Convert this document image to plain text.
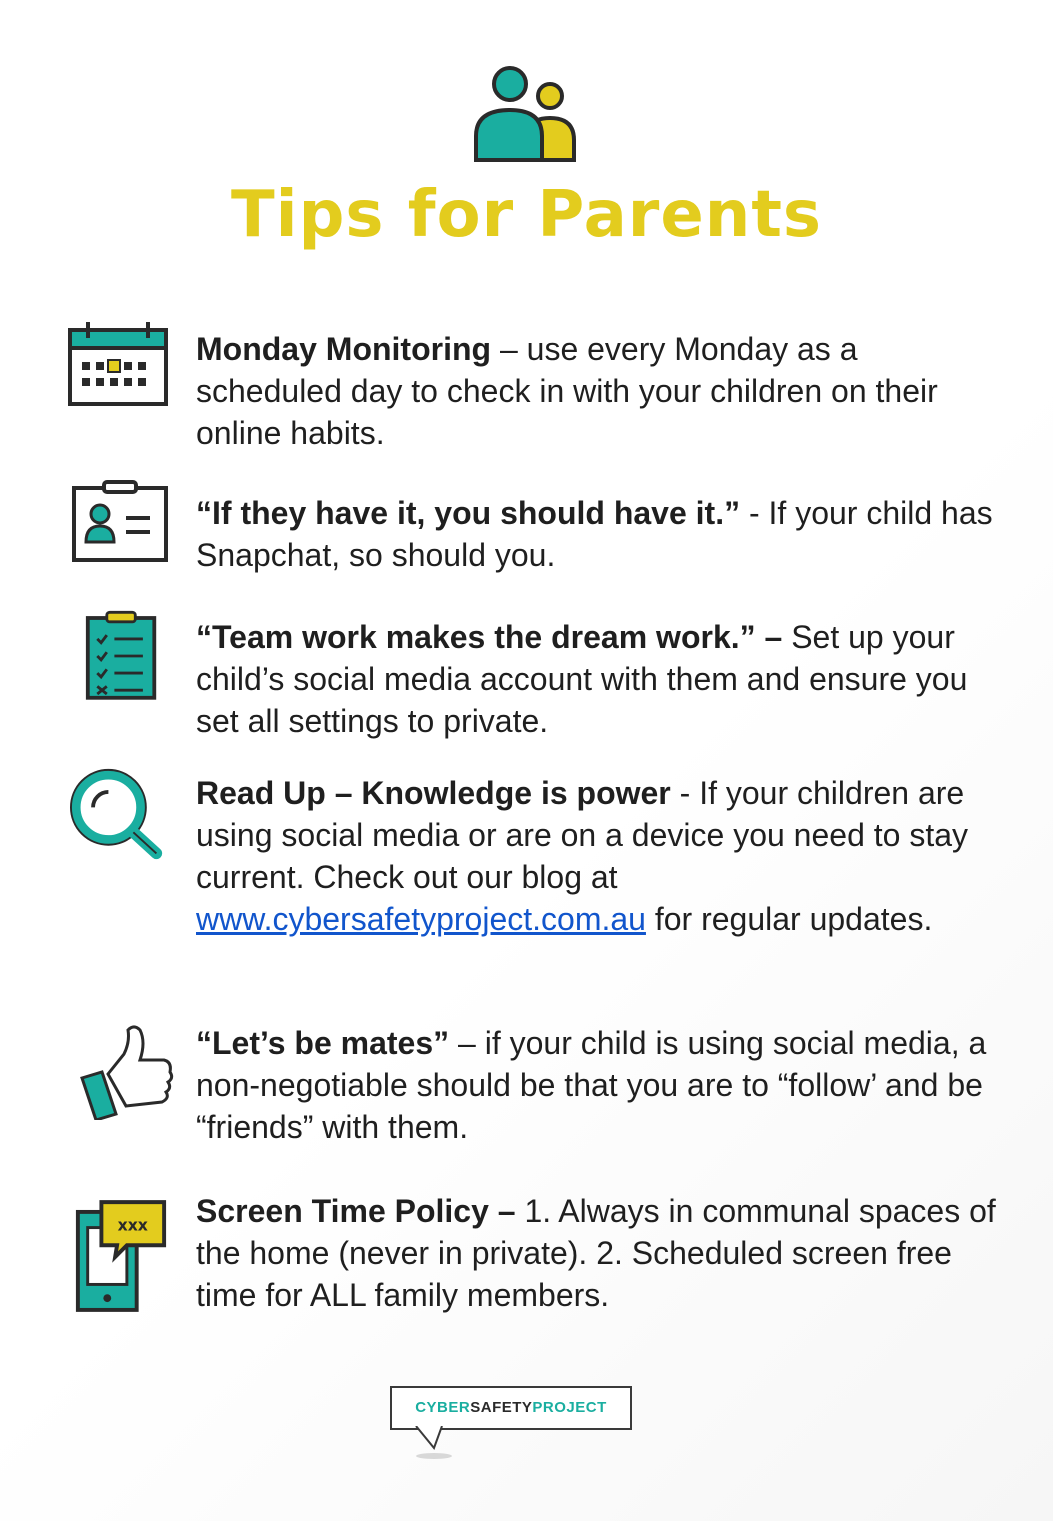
Tips for Parents
Monday Monitoring – use every Monday as a scheduled day to check in with your children on their online habits.
“If they have it, you should have it.” - If your child has Snapchat, so should you.
“Team work makes the dream work.” – Set up your child’s social media account with them and ensure you set all settings to private.
Read Up – Knowledge is power - If your children are using social media or are on a device you need to stay current. Check out our blog at www.cybersafetyproject.com.au for regular updates.
“Let’s be mates” – if your child is using social media, a non-negotiable should be that you are to “follow’ and be “friends” with them.
xxx Screen Time Policy – 1. Always in communal spaces of the home (never in private). 2. Scheduled screen free time for ALL family members.
CYBERSAFETYPROJECT
